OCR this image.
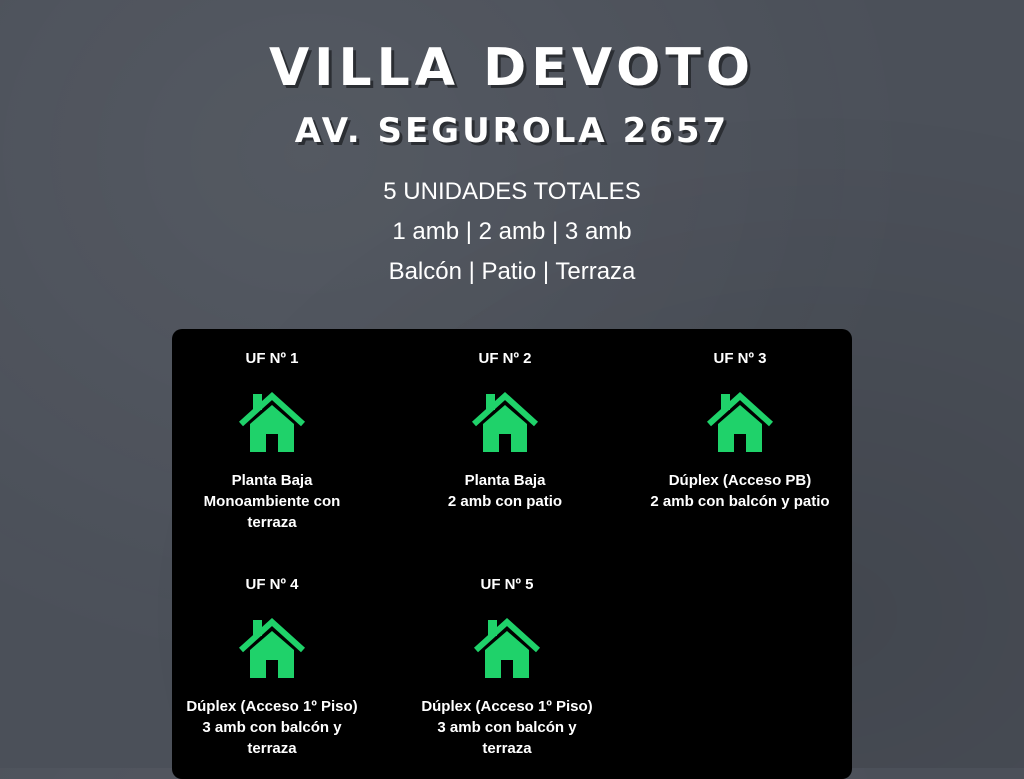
VILLA DEVOTO
AV. SEGUROLA 2657
5 UNIDADES TOTALES
1 amb | 2 amb | 3 amb
Balcón | Patio | Terraza
UF Nº 1
Planta Baja
Monoambiente con
terraza
UF Nº 2
Planta Baja
2 amb con patio
UF Nº 3
Dúplex (Acceso PB)
2 amb con balcón y patio
UF Nº 4
Dúplex (Acceso 1º Piso)
3 amb con balcón y
terraza
UF Nº 5
Dúplex (Acceso 1º Piso)
3 amb con balcón y
terraza
